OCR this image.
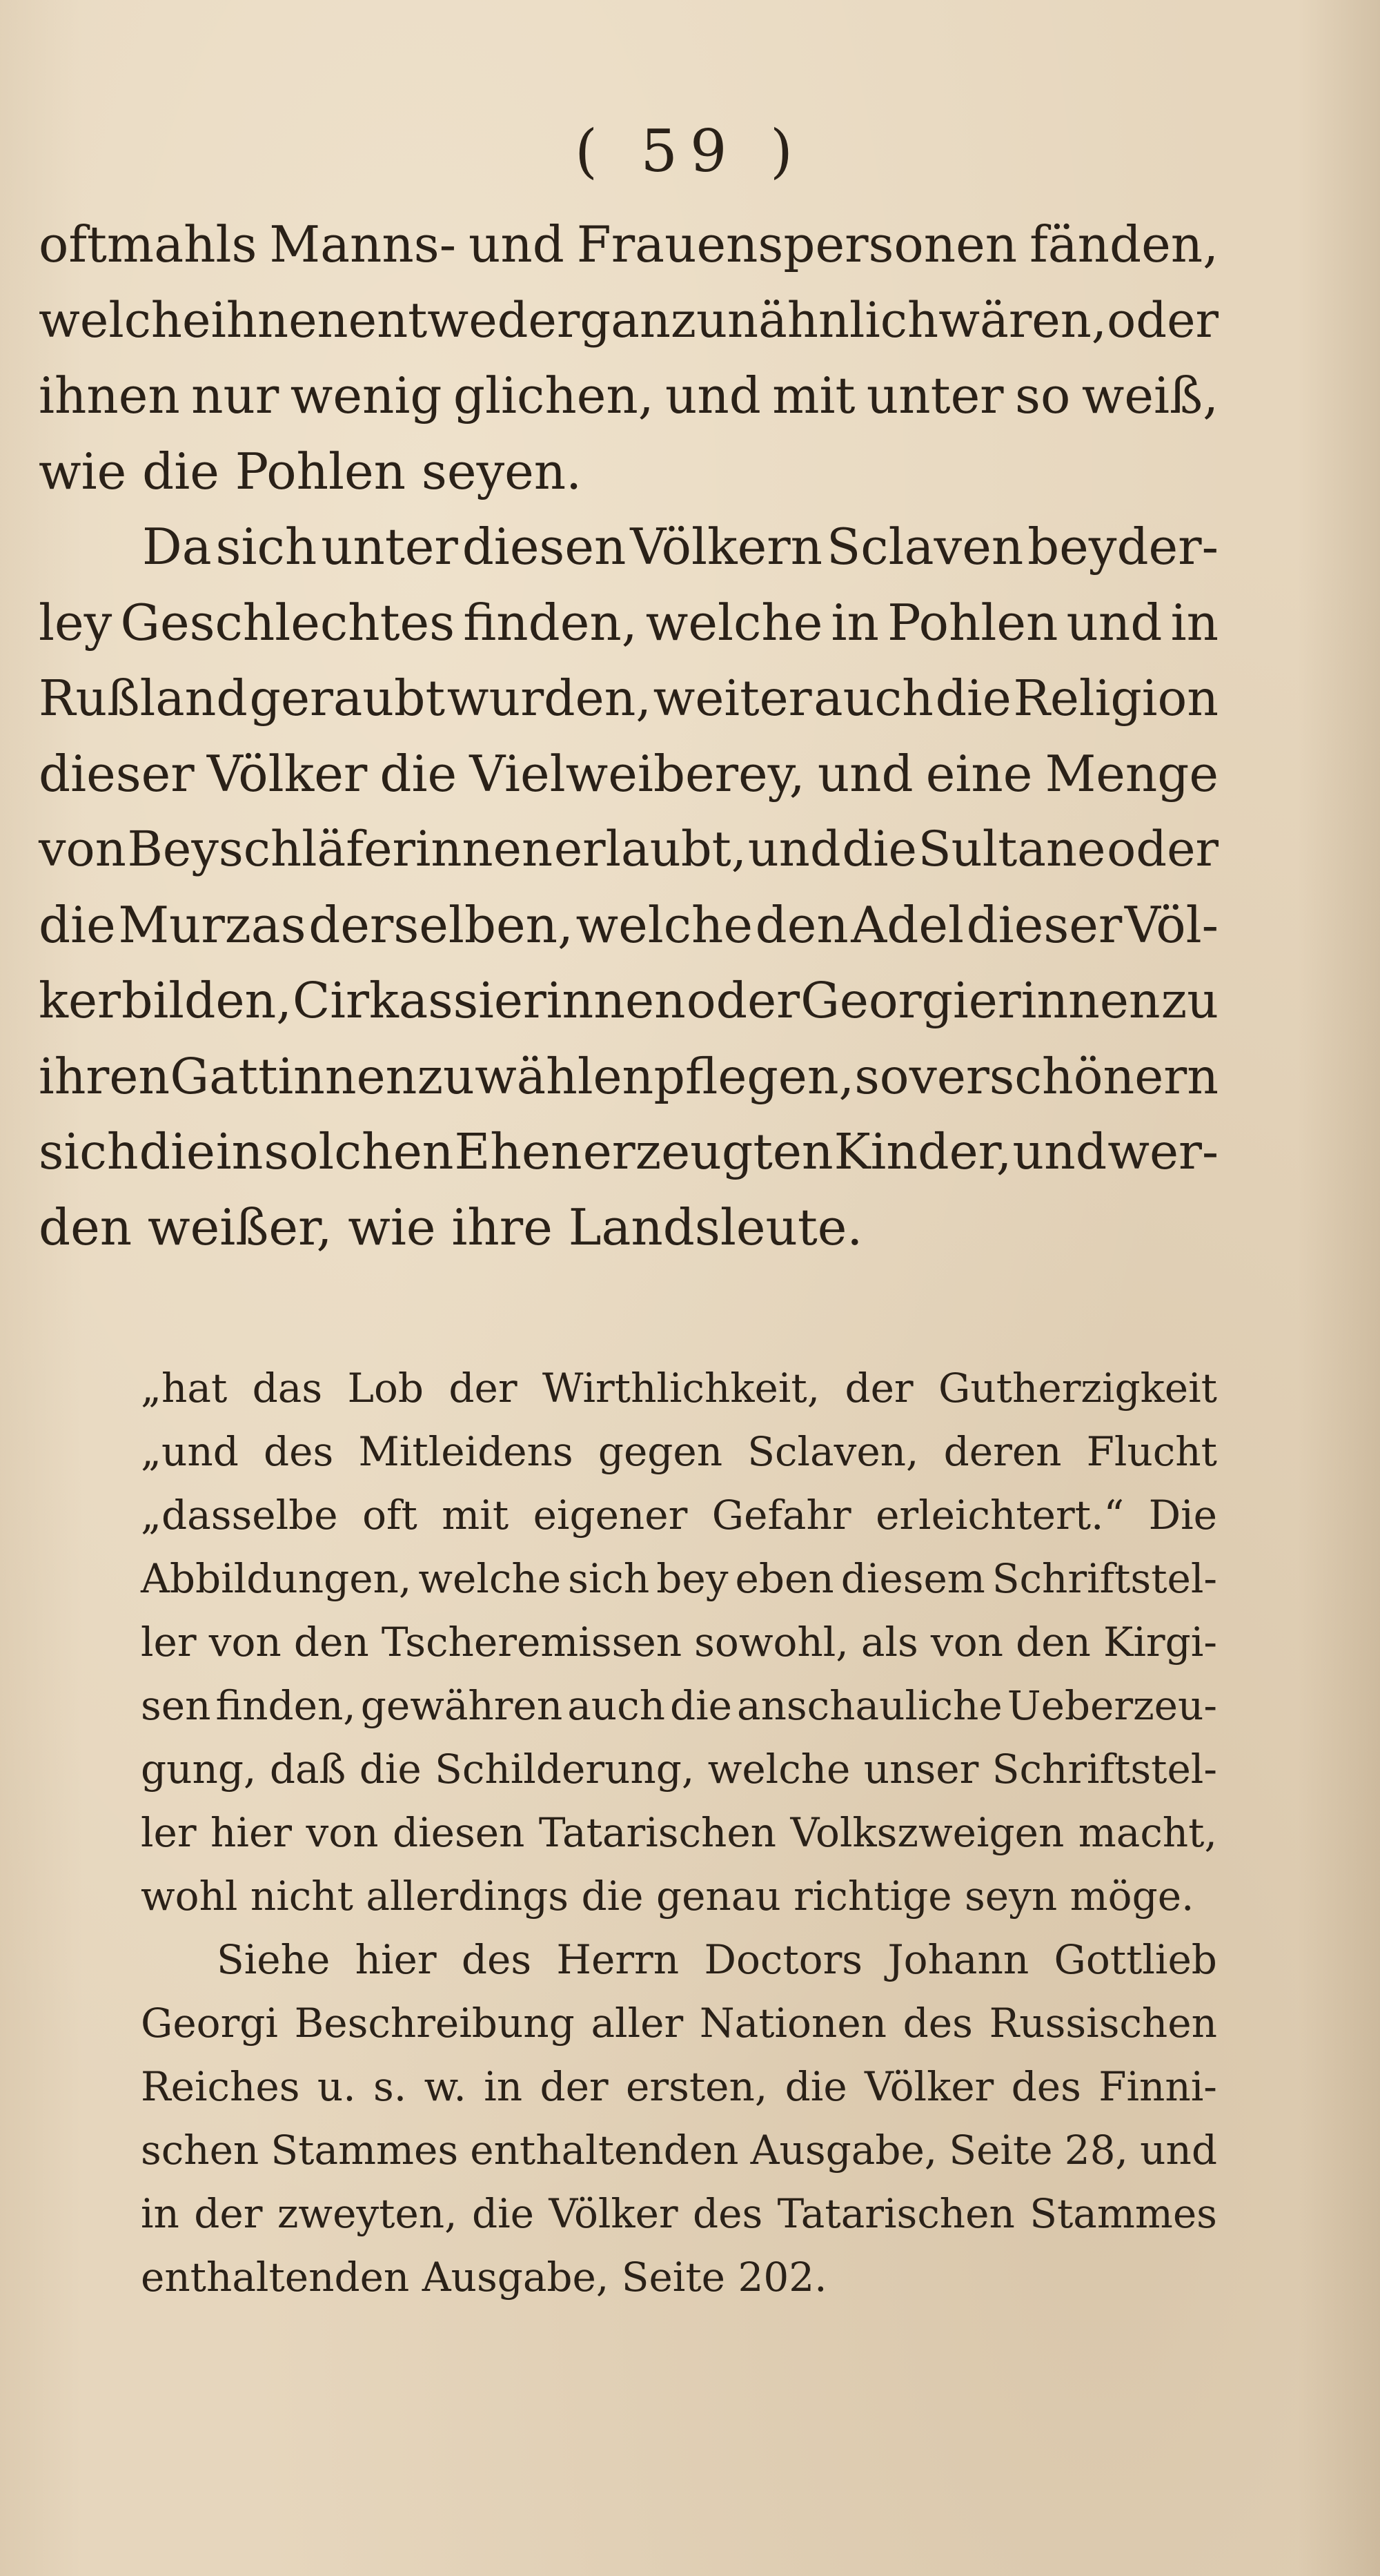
( 59 )
oftmahls Manns- und Frauenspersonen fänden,
welche ihnen entweder ganz unähnlich wären, oder
ihnen nur wenig glichen, und mit unter so weiß,
wie die Pohlen seyen.
Da sich unter diesen Völkern Sclaven beyder-
ley Geschlechtes finden, welche in Pohlen und in
Rußland geraubt wurden, weiter auch die Religion
dieser Völker die Vielweiberey, und eine Menge
von Beyschläferinnen erlaubt, und die Sultane oder
die Murzas derselben, welche den Adel dieser Völ-
ker bilden, Cirkassierinnen oder Georgierinnen zu
ihren Gattinnen zu wählen pflegen, so verschönern
sich die in solchen Ehen erzeugten Kinder, und wer-
den weißer, wie ihre Landsleute.
„hat das Lob der Wirthlichkeit, der Gutherzigkeit
„und des Mitleidens gegen Sclaven, deren Flucht
„dasselbe oft mit eigener Gefahr erleichtert.“ Die
Abbildungen, welche sich bey eben diesem Schriftstel-
ler von den Tscheremissen sowohl, als von den Kirgi-
sen finden, gewähren auch die anschauliche Ueberzeu-
gung, daß die Schilderung, welche unser Schriftstel-
ler hier von diesen Tatarischen Volkszweigen macht,
wohl nicht allerdings die genau richtige seyn möge.
Siehe hier des Herrn Doctors Johann Gottlieb
Georgi Beschreibung aller Nationen des Russischen
Reiches u. s. w. in der ersten, die Völker des Finni-
schen Stammes enthaltenden Ausgabe, Seite 28, und
in der zweyten, die Völker des Tatarischen Stammes
enthaltenden Ausgabe, Seite 202.
